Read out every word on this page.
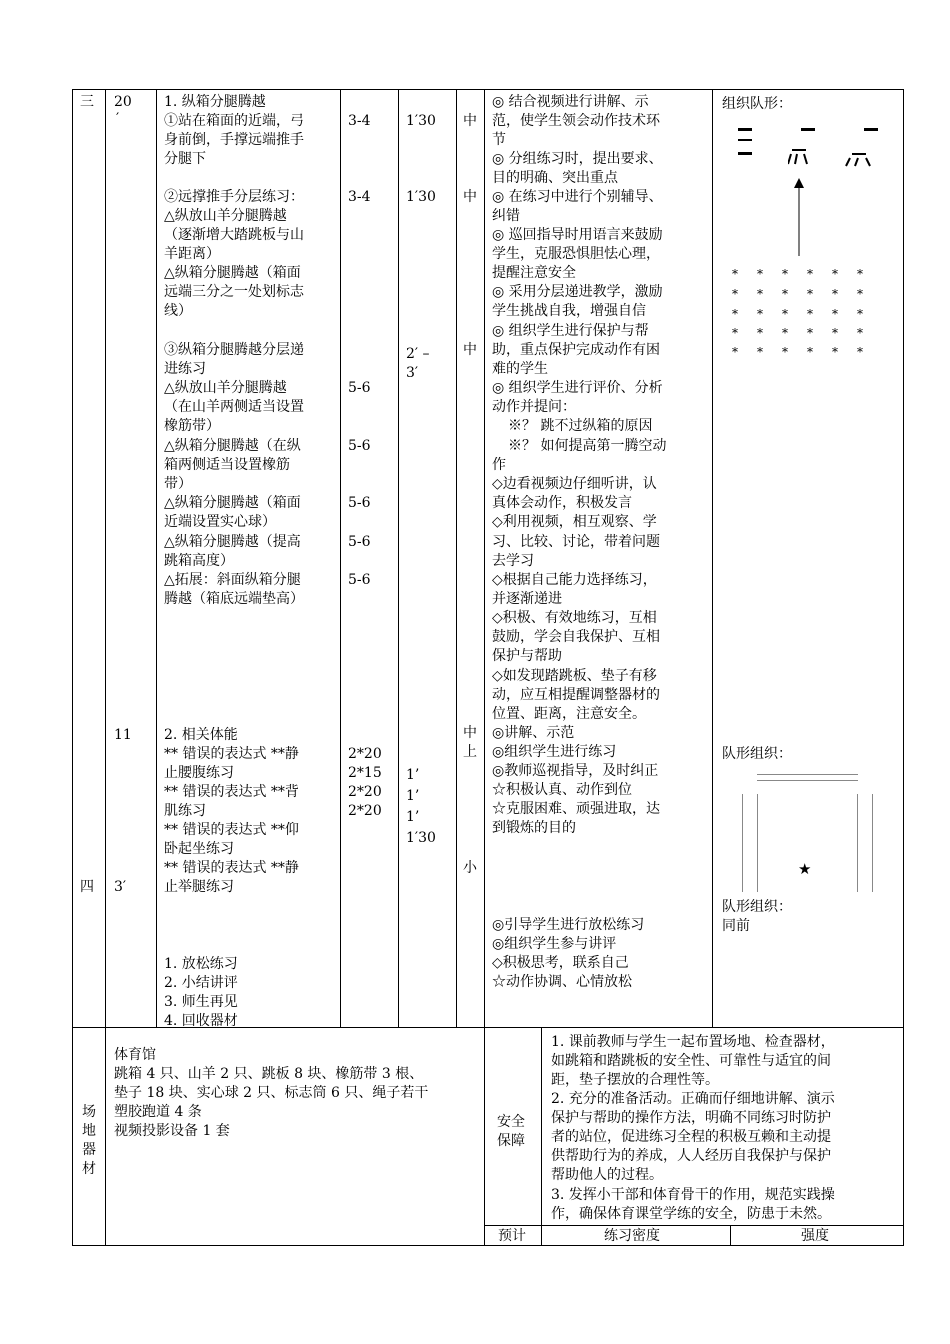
三
四
20
′
11
3′
1. 纵箱分腿腾越
①站在箱面的近端，弓
身前倒，手撑远端推手
分腿下
②远撑推手分层练习：
△纵放山羊分腿腾越
（逐渐增大踏跳板与山
羊距离）
△纵箱分腿腾越（箱面
远端三分之一处划标志
线）
③纵箱分腿腾越分层递
进练习
△纵放山羊分腿腾越
（在山羊两侧适当设置
橡筋带）
△纵箱分腿腾越（在纵
箱两侧适当设置橡筋
带）
△纵箱分腿腾越（箱面
近端设置实心球）
△纵箱分腿腾越（提高
跳箱高度）
△拓展：斜面纵箱分腿
腾越（箱底远端垫高）
2. 相关体能
** 错误的表达式 **静
止腰腹练习
** 错误的表达式 **背
肌练习
** 错误的表达式 **仰
卧起坐练习
** 错误的表达式 **静
止举腿练习
1. 放松练习
2. 小结讲评
3. 师生再见
4. 回收器材
3-4
3-4
5-6
5-6
5-6
5-6
5-6
2*20
2*15
2*20
2*20
1′30
1′30
2′ –
3′
1’
1’
1’
1′30
中
中
中
中
上
小
◎ 结合视频进行讲解、示
范，使学生领会动作技术环
节
◎ 分组练习时，提出要求、
目的明确、突出重点
◎ 在练习中进行个别辅导、
纠错
◎ 巡回指导时用语言来鼓励
学生，克服恐惧胆怯心理，
提醒注意安全
◎ 采用分层递进教学，激励
学生挑战自我，增强自信
◎ 组织学生进行保护与帮
助，重点保护完成动作有困
难的学生
◎ 组织学生进行评价、分析
动作并提问：
※？ 跳不过纵箱的原因
※？ 如何提高第一腾空动
作
◇边看视频边仔细听讲，认
真体会动作，积极发言
◇利用视频，相互观察、学
习、比较、讨论，带着问题
去学习
◇根据自己能力选择练习，
并逐渐递进
◇积极、有效地练习，互相
鼓励，学会自我保护、互相
保护与帮助
◇如发现踏跳板、垫子有移
动，应互相提醒调整器材的
位置、距离，注意安全。
◎讲解、示范
◎组织学生进行练习
◎教师巡视指导，及时纠正
☆积极认真、动作到位
☆克服困难、顽强进取，达
到锻炼的目的
◎引导学生进行放松练习
◎组织学生参与讲评
◇积极思考，联系自己
☆动作协调、心情放松
组织队形：
* * * * * *
* * * * * *
* * * * * *
* * * * * *
* * * * * *
队形组织：
★
队形组织：
同前
场
地
器
材
体育馆
跳箱 4 只、山羊 2 只、跳板 8 块、橡筋带 3 根、
垫子 18 块、实心球 2 只、标志筒 6 只、绳子若干
塑胶跑道 4 条
视频投影设备 1 套
安全
保障
1. 课前教师与学生一起布置场地、检查器材，
如跳箱和踏跳板的安全性、可靠性与适宜的间
距，垫子摆放的合理性等。
2. 充分的准备活动。正确而仔细地讲解、演示
保护与帮助的操作方法，明确不同练习时防护
者的站位，促进练习全程的积极互赖和主动提
供帮助行为的养成，人人经历自我保护与保护
帮助他人的过程。
3. 发挥小干部和体育骨干的作用，规范实践操
作，确保体育课堂学练的安全，防患于未然。
预计	练习密度	强度
